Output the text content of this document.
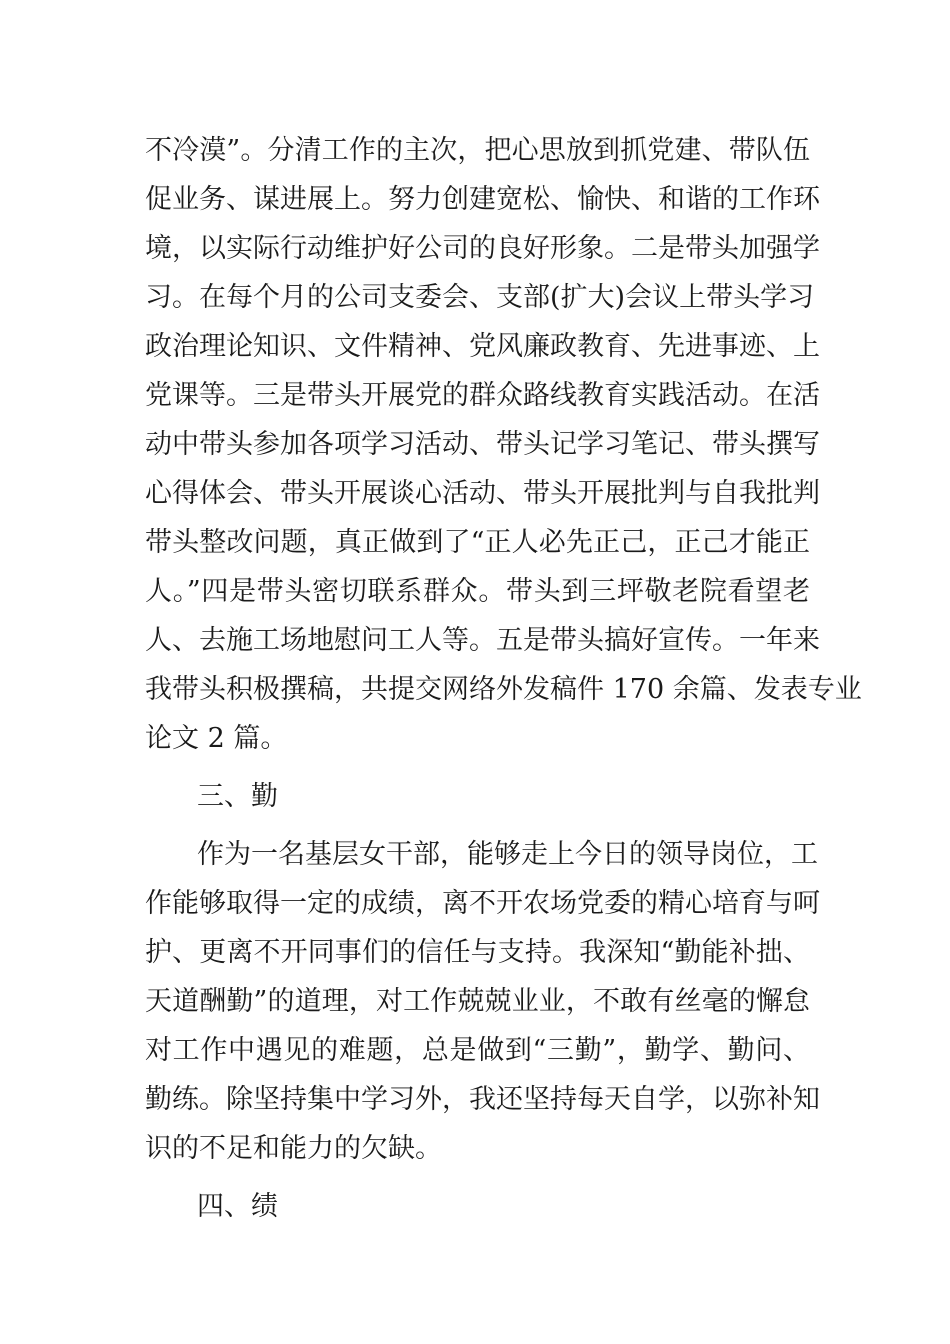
不冷漠”。分清工作的主次，把心思放到抓党建、带队伍
促业务、谋进展上。努力创建宽松、愉快、和谐的工作环
境，以实际行动维护好公司的良好形象。二是带头加强学
习。在每个月的公司支委会、支部(扩大)会议上带头学习
政治理论知识、文件精神、党风廉政教育、先进事迹、上
党课等。三是带头开展党的群众路线教育实践活动。在活
动中带头参加各项学习活动、带头记学习笔记、带头撰写
心得体会、带头开展谈心活动、带头开展批判与自我批判
带头整改问题，真正做到了“正人必先正己，正己才能正
人。”四是带头密切联系群众。带头到三坪敬老院看望老
人、去施工场地慰问工人等。五是带头搞好宣传。一年来
我带头积极撰稿，共提交网络外发稿件 170 余篇、发表专业
论文 2 篇。
三、勤
作为一名基层女干部，能够走上今日的领导岗位，工
作能够取得一定的成绩，离不开农场党委的精心培育与呵
护、更离不开同事们的信任与支持。我深知“勤能补拙、
天道酬勤”的道理，对工作兢兢业业，不敢有丝毫的懈怠
对工作中遇见的难题，总是做到“三勤”，勤学、勤问、
勤练。除坚持集中学习外，我还坚持每天自学，以弥补知
识的不足和能力的欠缺。
四、绩
